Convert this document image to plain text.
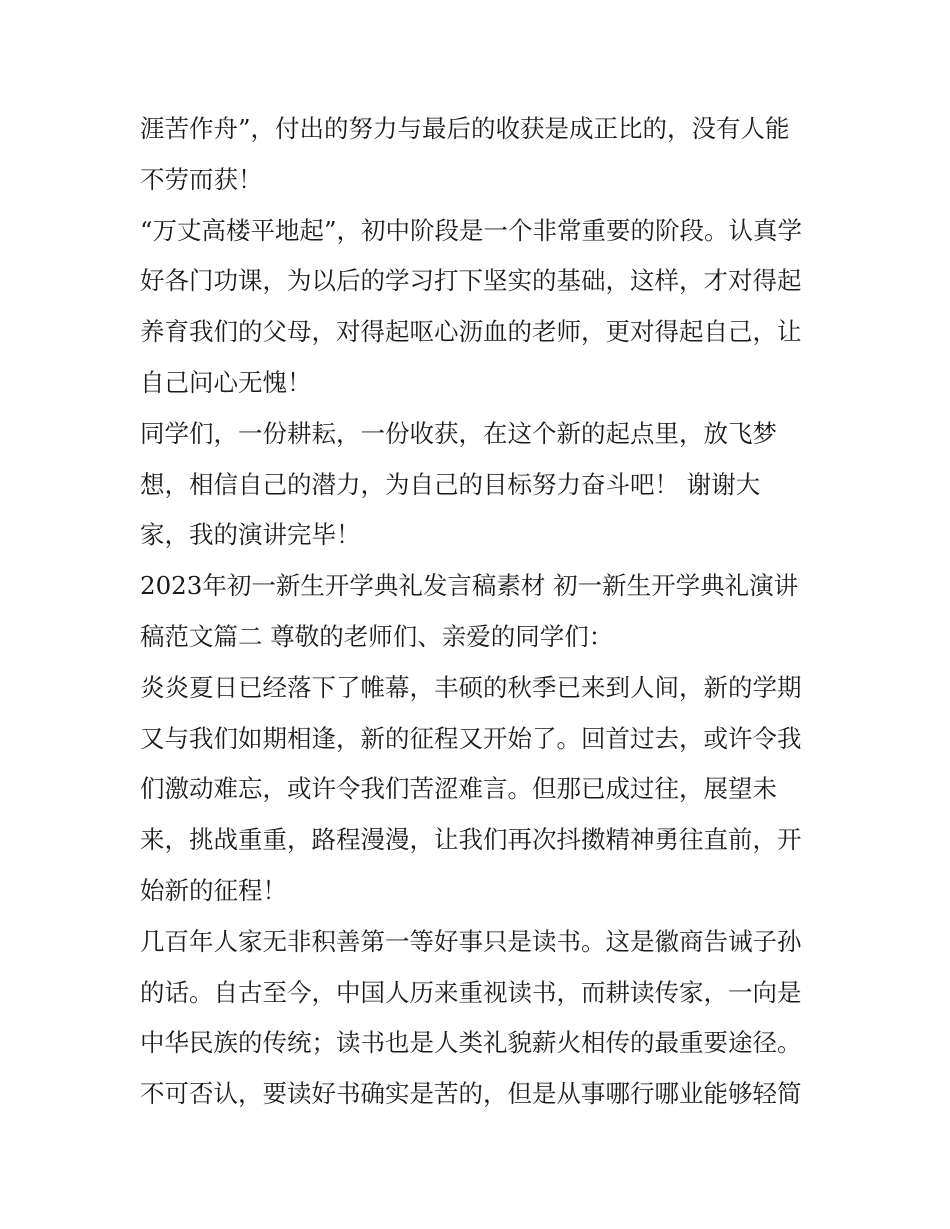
涯苦作舟”，付出的努力与最后的收获是成正比的，没有人能
不劳而获！
“万丈高楼平地起”，初中阶段是一个非常重要的阶段。认真学
好各门功课，为以后的学习打下坚实的基础，这样，才对得起
养育我们的父母，对得起呕心沥血的老师，更对得起自己，让
自己问心无愧！
同学们，一份耕耘，一份收获，在这个新的起点里，放飞梦
想，相信自己的潜力，为自己的目标努力奋斗吧！ 谢谢大
家，我的演讲完毕！
2023年初一新生开学典礼发言稿素材 初一新生开学典礼演讲
稿范文篇二 尊敬的老师们、亲爱的同学们：
炎炎夏日已经落下了帷幕，丰硕的秋季已来到人间，新的学期
又与我们如期相逢，新的征程又开始了。回首过去，或许令我
们激动难忘，或许令我们苦涩难言。但那已成过往，展望未
来，挑战重重，路程漫漫，让我们再次抖擞精神勇往直前，开
始新的征程！
几百年人家无非积善第一等好事只是读书。这是徽商告诫子孙
的话。自古至今，中国人历来重视读书，而耕读传家，一向是
中华民族的传统；读书也是人类礼貌薪火相传的最重要途径。
不可否认，要读好书确实是苦的，但是从事哪行哪业能够轻简
